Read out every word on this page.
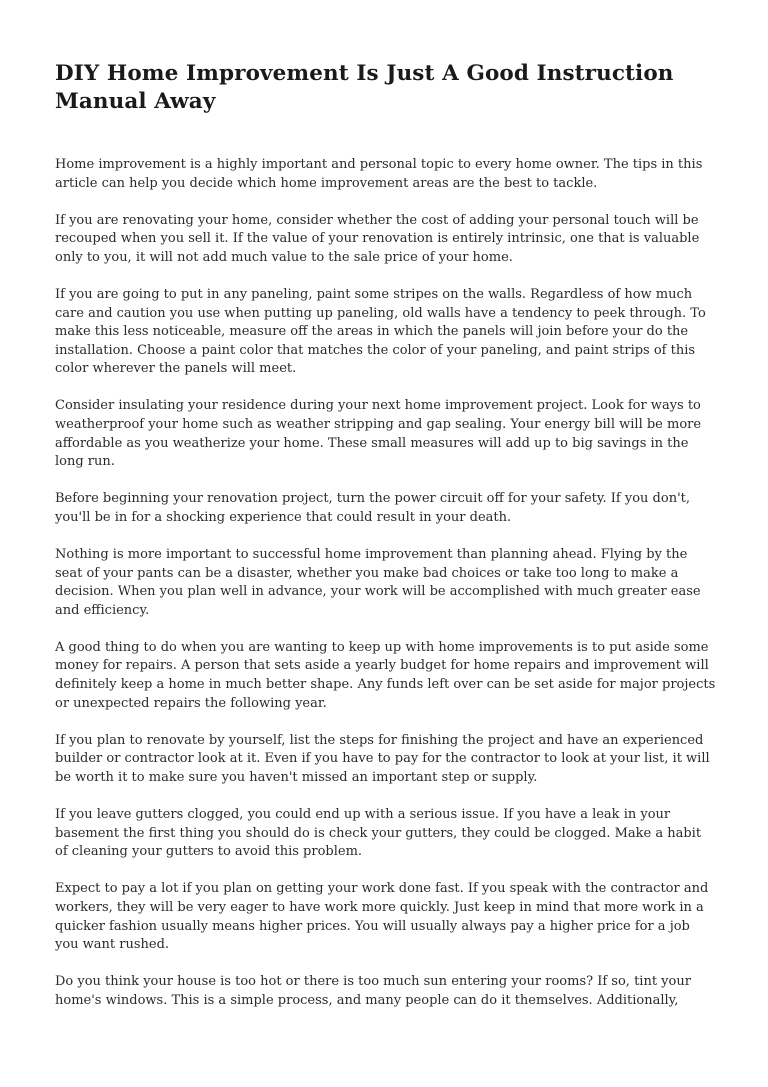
DIY Home Improvement Is Just A Good Instruction Manual Away

Home improvement is a highly important and personal topic to every home owner. The tips in this article can help you decide which home improvement areas are the best to tackle.

If you are renovating your home, consider whether the cost of adding your personal touch will be recouped when you sell it. If the value of your renovation is entirely intrinsic, one that is valuable only to you, it will not add much value to the sale price of your home.

If you are going to put in any paneling, paint some stripes on the walls. Regardless of how much care and caution you use when putting up paneling, old walls have a tendency to peek through. To make this less noticeable, measure off the areas in which the panels will join before your do the installation. Choose a paint color that matches the color of your paneling, and paint strips of this color wherever the panels will meet.

Consider insulating your residence during your next home improvement project. Look for ways to weatherproof your home such as weather stripping and gap sealing. Your energy bill will be more affordable as you weatherize your home. These small measures will add up to big savings in the long run.

Before beginning your renovation project, turn the power circuit off for your safety. If you don't, you'll be in for a shocking experience that could result in your death.

Nothing is more important to successful home improvement than planning ahead. Flying by the seat of your pants can be a disaster, whether you make bad choices or take too long to make a decision. When you plan well in advance, your work will be accomplished with much greater ease and efficiency.

A good thing to do when you are wanting to keep up with home improvements is to put aside some money for repairs. A person that sets aside a yearly budget for home repairs and improvement will definitely keep a home in much better shape. Any funds left over can be set aside for major projects or unexpected repairs the following year.

If you plan to renovate by yourself, list the steps for finishing the project and have an experienced builder or contractor look at it. Even if you have to pay for the contractor to look at your list, it will be worth it to make sure you haven't missed an important step or supply.

If you leave gutters clogged, you could end up with a serious issue. If you have a leak in your basement the first thing you should do is check your gutters, they could be clogged. Make a habit of cleaning your gutters to avoid this problem.

Expect to pay a lot if you plan on getting your work done fast. If you speak with the contractor and workers, they will be very eager to have work more quickly. Just keep in mind that more work in a quicker fashion usually means higher prices. You will usually always pay a higher price for a job you want rushed.

Do you think your house is too hot or there is too much sun entering your rooms? If so, tint your home's windows. This is a simple process, and many people can do it themselves. Additionally,
